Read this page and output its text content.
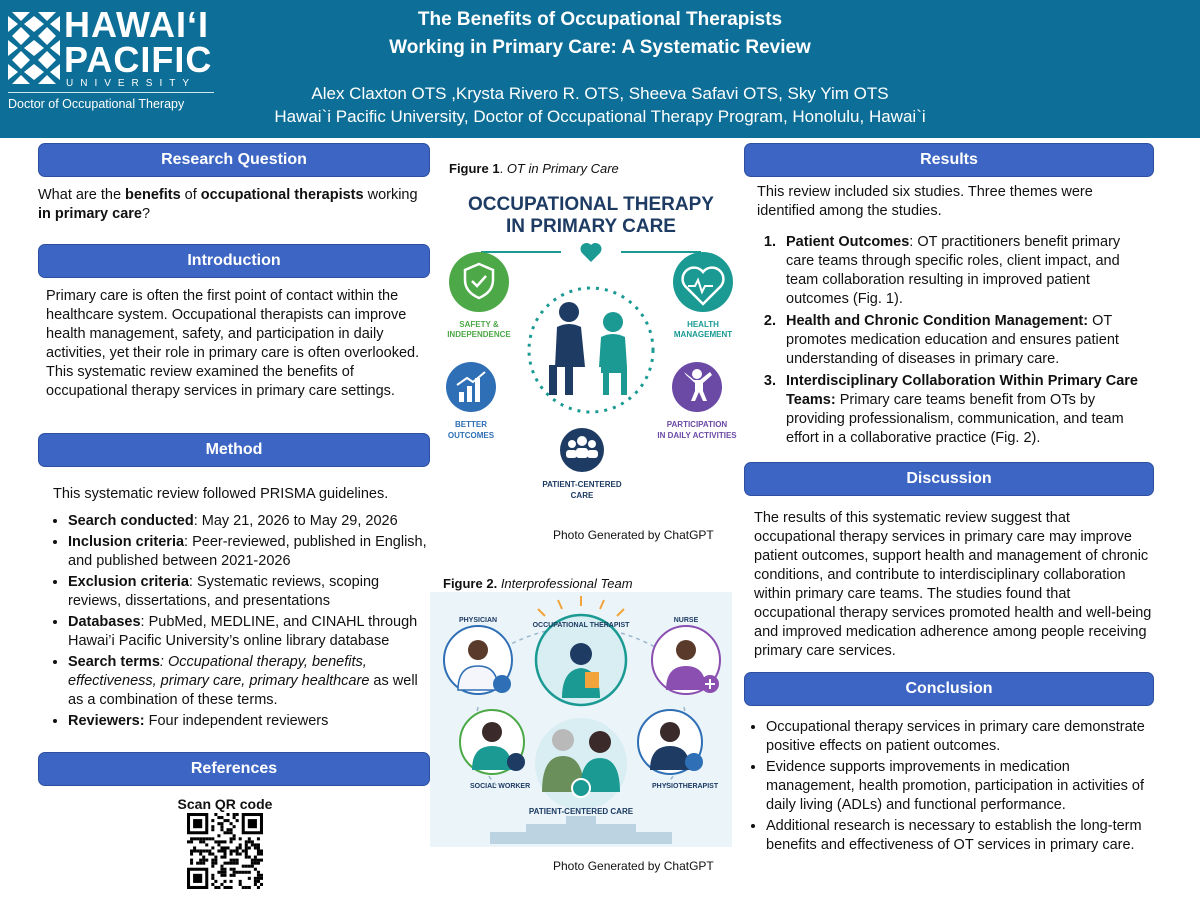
HAWAI‘I
PACIFIC
UNIVERSITY
Doctor of Occupational Therapy
The Benefits of Occupational Therapists
Working in Primary Care: A Systematic Review
Alex Claxton OTS ,Krysta Rivero R. OTS, Sheeva Safavi OTS, Sky Yim OTS
Hawai`i Pacific University, Doctor of Occupational Therapy Program, Honolulu, Hawai`i
Research Question
What are the benefits of occupational therapists working in primary care?
Introduction
Primary care is often the first point of contact within the healthcare system. Occupational therapists can improve health management, safety, and participation in daily activities, yet their role in primary care is often overlooked. This systematic review examined the benefits of occupational therapy services in primary care settings.
Method
This systematic review followed PRISMA guidelines.
• Search conducted: May 21, 2026 to May 29, 2026
• Inclusion criteria: Peer-reviewed, published in English, and published between 2021-2026
• Exclusion criteria: Systematic reviews, scoping reviews, dissertations, and presentations
• Databases: PubMed, MEDLINE, and CINAHL through Hawai’i Pacific University’s online library database
• Search terms: Occupational therapy, benefits, effectiveness, primary care, primary healthcare as well as a combination of these terms.
• Reviewers: Four independent reviewers
References
Scan QR code
Figure 1. OT in Primary Care
OCCUPATIONAL THERAPY
IN PRIMARY CARE
SAFETY &
INDEPENDENCE
HEALTH
MANAGEMENT
BETTER
OUTCOMES
PARTICIPATION
IN DAILY ACTIVITIES
PATIENT-CENTERED
CARE
Photo Generated by ChatGPT
Figure 2. Interprofessional Team
OCCUPATIONAL THERAPIST
PHYSICIAN	NURSE
SOCIAL WORKER	PHYSIOTHERAPIST
PATIENT-CENTERED CARE
Photo Generated by ChatGPT
Results
This review included six studies. Three themes were identified among the studies.
1. Patient Outcomes: OT practitioners benefit primary care teams through specific roles, client impact, and team collaboration resulting in improved patient outcomes (Fig. 1).
2. Health and Chronic Condition Management: OT promotes medication education and ensures patient understanding of diseases in primary care.
3. Interdisciplinary Collaboration Within Primary Care Teams: Primary care teams benefit from OTs by providing professionalism, communication, and team effort in a collaborative practice (Fig. 2).
Discussion
The results of this systematic review suggest that occupational therapy services in primary care may improve patient outcomes, support health and management of chronic conditions, and contribute to interdisciplinary collaboration within primary care teams. The studies found that occupational therapy services promoted health and well-being and improved medication adherence among people receiving primary care services.
Conclusion
• Occupational therapy services in primary care demonstrate positive effects on patient outcomes.
• Evidence supports improvements in medication management, health promotion, participation in activities of daily living (ADLs) and functional performance.
• Additional research is necessary to establish the long-term benefits and effectiveness of OT services in primary care.
